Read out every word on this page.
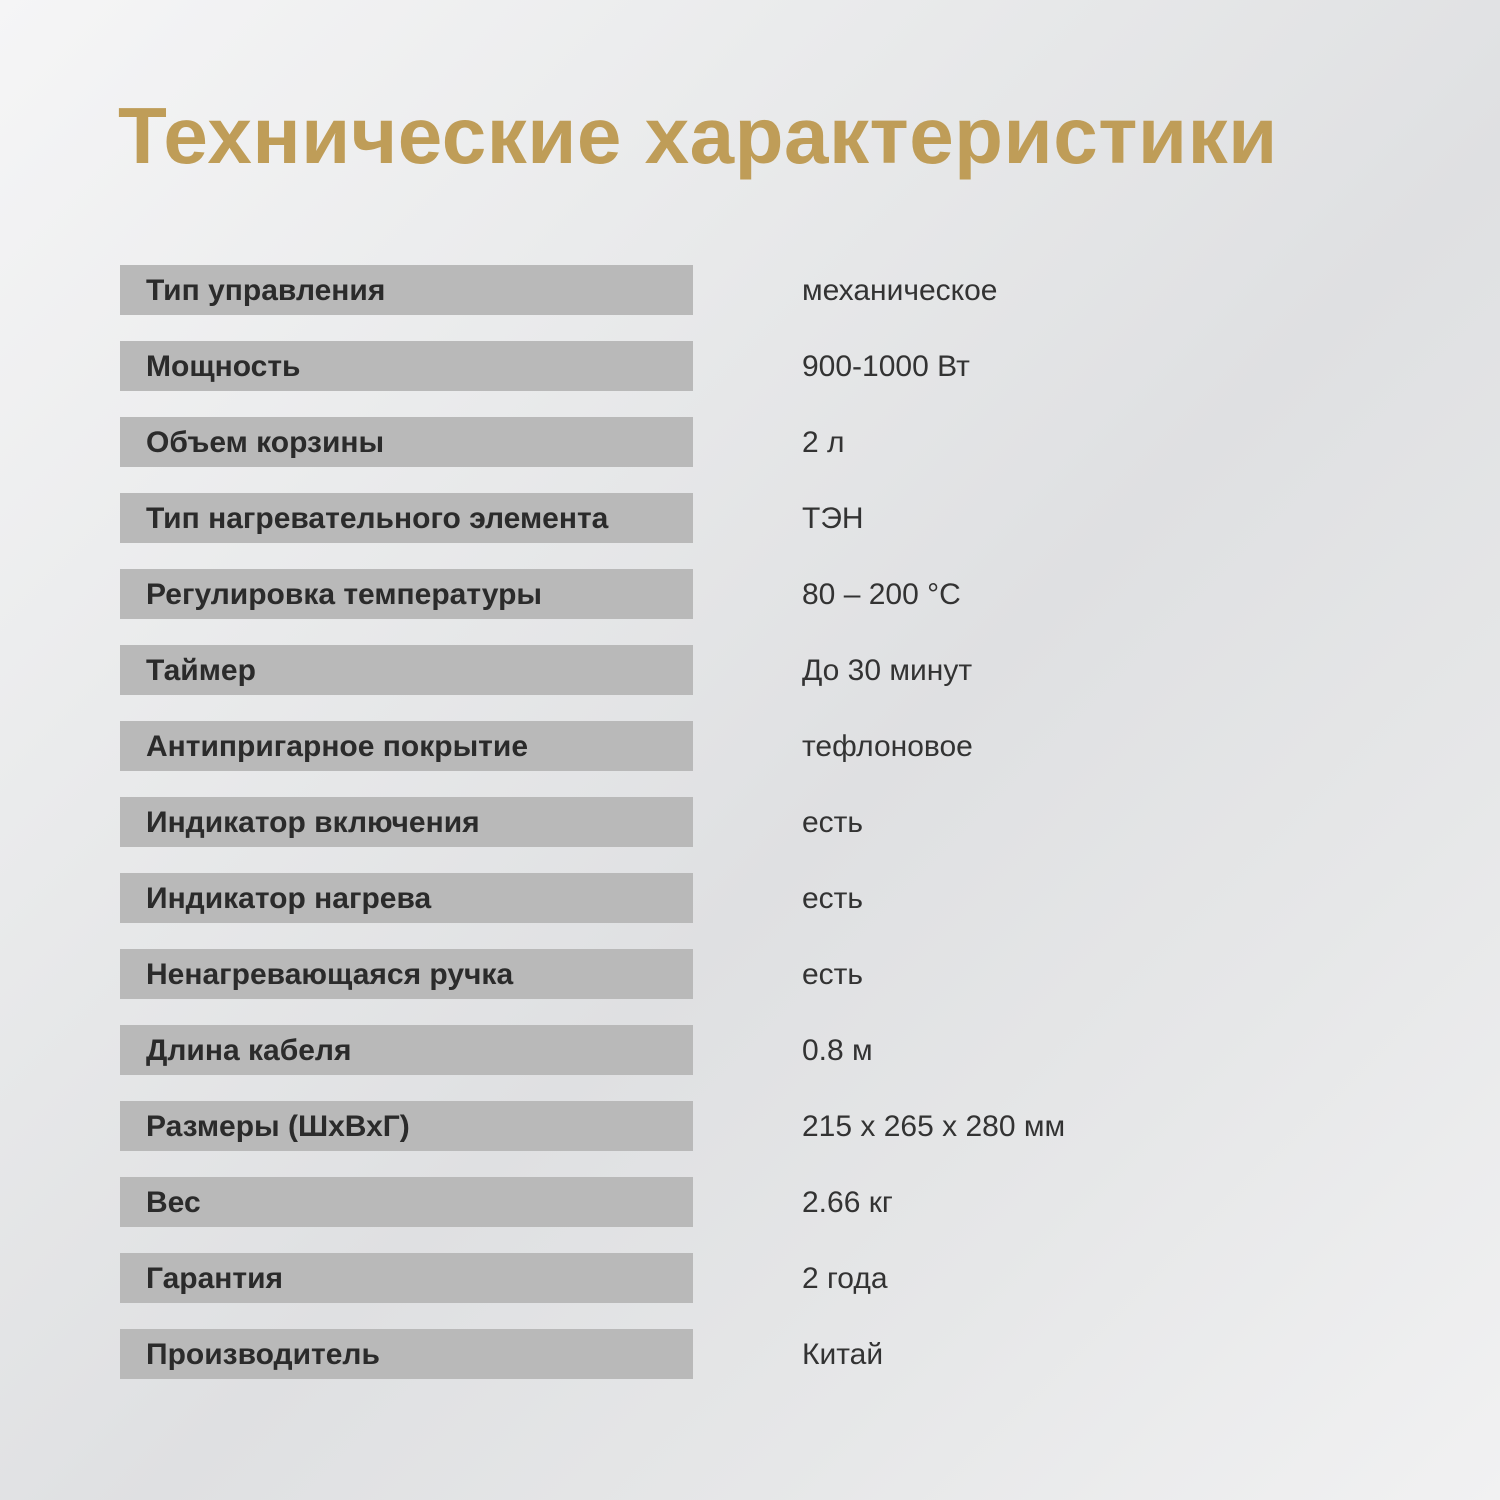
Технические характеристики
Тип управления	механическое
Мощность	900-1000 Вт
Объем корзины	2 л
Тип нагревательного элемента	ТЭН
Регулировка температуры	80 – 200 °С
Таймер	До 30 минут
Антипригарное покрытие	тефлоновое
Индикатор включения	есть
Индикатор нагрева	есть
Ненагревающаяся ручка	есть
Длина кабеля	0.8 м
Размеры (ШхВхГ)	215 х 265 х 280 мм
Вес	2.66 кг
Гарантия	2 года
Производитель	Китай
